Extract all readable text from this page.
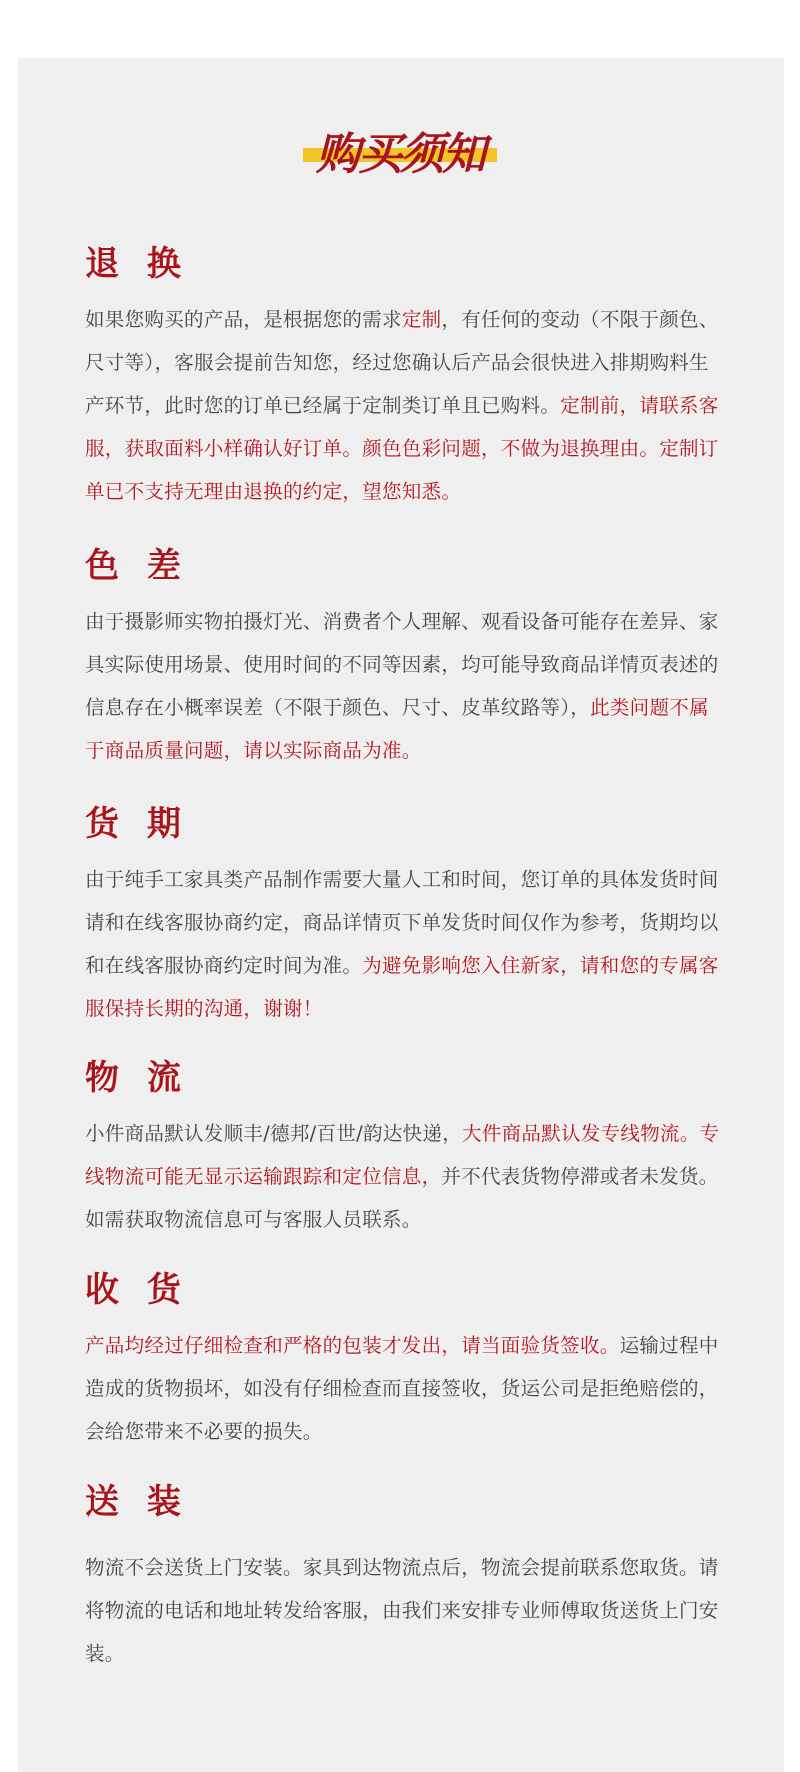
购买须知
退 换

如果您购买的产品，是根据您的需求定制，有任何的变动（不限于颜色、尺寸等），客服会提前告知您，经过您确认后产品会很快进入排期购料生产环节，此时您的订单已经属于定制类订单且已购料。定制前，请联系客服，获取面料小样确认好订单。颜色色彩问题，不做为退换理由。定制订单已不支持无理由退换的约定，望您知悉。

色 差

由于摄影师实物拍摄灯光、消费者个人理解、观看设备可能存在差异、家具实际使用场景、使用时间的不同等因素，均可能导致商品详情页表述的信息存在小概率误差（不限于颜色、尺寸、皮革纹路等），此类问题不属于商品质量问题，请以实际商品为准。

货 期

由于纯手工家具类产品制作需要大量人工和时间，您订单的具体发货时间请和在线客服协商约定，商品详情页下单发货时间仅作为参考，货期均以和在线客服协商约定时间为准。为避免影响您入住新家，请和您的专属客服保持长期的沟通，谢谢！

物 流

小件商品默认发顺丰/德邦/百世/韵达快递，大件商品默认发专线物流。专线物流可能无显示运输跟踪和定位信息，并不代表货物停滞或者未发货。如需获取物流信息可与客服人员联系。

收 货

产品均经过仔细检查和严格的包装才发出，请当面验货签收。运输过程中造成的货物损坏，如没有仔细检查而直接签收，货运公司是拒绝赔偿的，会给您带来不必要的损失。

送 装

物流不会送货上门安装。家具到达物流点后，物流会提前联系您取货。请将物流的电话和地址转发给客服，由我们来安排专业师傅取货送货上门安装。
